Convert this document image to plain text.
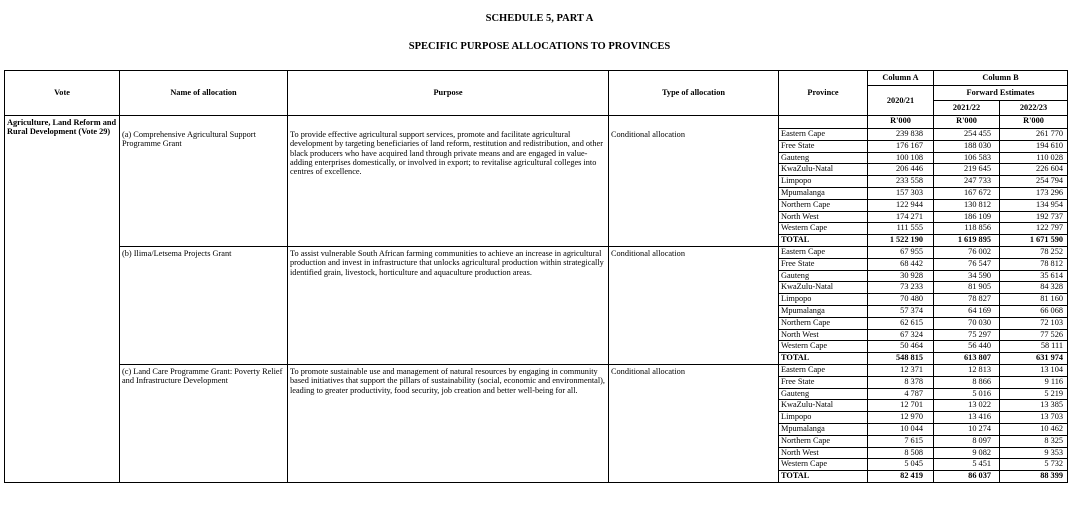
SCHEDULE 5, PART A
SPECIFIC PURPOSE ALLOCATIONS TO PROVINCES
Vote	Name of allocation	Purpose	Type of allocation	Province	Column A	Column B	
					2020/21	Forward Estimates	
						2021/22	2022/23
Agriculture, Land Reform and Rural Development (Vote 29)	(a) Comprehensive Agricultural Support Programme Grant	To provide effective agricultural support services, promote and facilitate agricultural development by targeting beneficiaries of land reform, restitution and redistribution, and other black producers who have acquired land through private means and are engaged in value-adding enterprises domestically, or involved in export; to revitalise agricultural colleges into centres of excellence.	Conditional allocation		R'000	R'000	R'000
				Eastern Cape	239 838	254 455	261 770
				Free State	176 167	188 030	194 610
				Gauteng	100 108	106 583	110 028
				KwaZulu-Natal	206 446	219 645	226 604
				Limpopo	233 558	247 733	254 794
				Mpumalanga	157 303	167 672	173 296
				Northern Cape	122 944	130 812	134 954
				North West	174 271	186 109	192 737
				Western Cape	111 555	118 856	122 797
				TOTAL	1 522 190	1 619 895	1 671 590
	(b) Ilima/Letsema Projects Grant	To assist vulnerable South African farming communities to achieve an increase in agricultural production and invest in infrastructure that unlocks agricultural production within strategically identified grain, livestock, horticulture and aquaculture production areas.	Conditional allocation	Eastern Cape	67 955	76 002	78 252
				Free State	68 442	76 547	78 812
				Gauteng	30 928	34 590	35 614
				KwaZulu-Natal	73 233	81 905	84 328
				Limpopo	70 480	78 827	81 160
				Mpumalanga	57 374	64 169	66 068
				Northern Cape	62 615	70 030	72 103
				North West	67 324	75 297	77 526
				Western Cape	50 464	56 440	58 111
				TOTAL	548 815	613 807	631 974
	(c) Land Care Programme Grant: Poverty Relief and Infrastructure Development	To promote sustainable use and management of natural resources by engaging in community based initiatives that support the pillars of sustainability (social, economic and environmental), leading to greater productivity, food security, job creation and better well-being for all.	Conditional allocation	Eastern Cape	12 371	12 813	13 104
				Free State	8 378	8 866	9 116
				Gauteng	4 787	5 016	5 219
				KwaZulu-Natal	12 701	13 022	13 385
				Limpopo	12 970	13 416	13 703
				Mpumalanga	10 044	10 274	10 462
				Northern Cape	7 615	8 097	8 325
				North West	8 508	9 082	9 353
				Western Cape	5 045	5 451	5 732
				TOTAL	82 419	86 037	88 399
